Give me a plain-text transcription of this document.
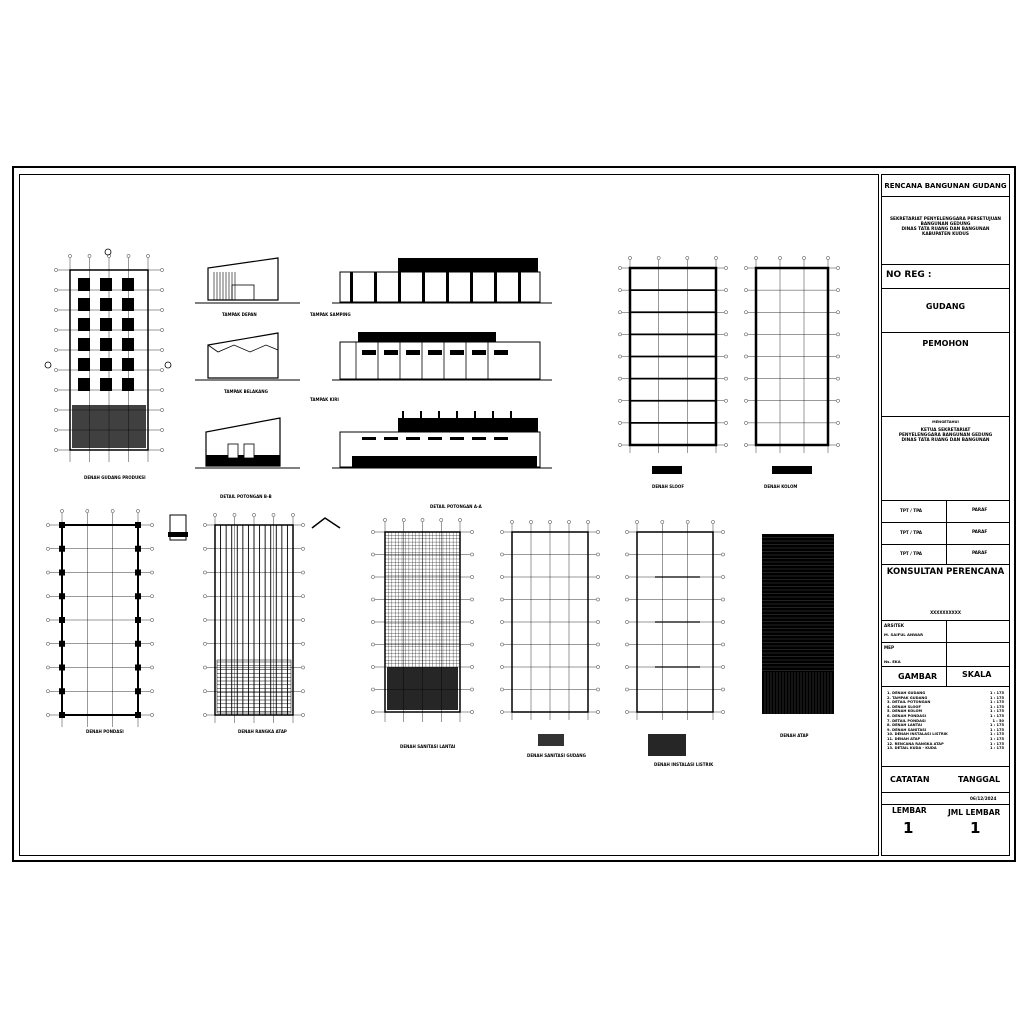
DENAH GUDANG PRODUKSI
TAMPAK DEPAN
TAMPAK BELAKANG
DETAIL POTONGAN B-B
TAMPAK SAMPING
TAMPAK KIRI
DETAIL POTONGAN A-A
DENAH SLOOF	DENAH KOLOM
DENAH PONDASI	DENAH RANGKA ATAP
DENAH SANITASI LANTAI
DENAH SANITASI GUDANG
DENAH INSTALASI LISTRIK
DENAH ATAP
RENCANA BANGUNAN GUDANG
SEKRETARIAT PENYELENGGARA PERSETUJUAN
BANGUNAN GEDUNG
DINAS TATA RUANG DAN BANGUNAN
KABUPATEN KUDUS
NO REG :
GUDANG
PEMOHON
MENGETAHUI
KETUA SEKRETARIAT
PENYELENGGARA BANGUNAN GEDUNG
DINAS TATA RUANG DAN BANGUNAN
TPT / TPA	PARAF
TPT / TPA	PARAF
TPT / TPA	PARAF
KONSULTAN PERENCANA
XXXXXXXXXX
ARSITEK
M. SAIFUL ANWAR
MEP
Ns. EKA
GAMBAR	SKALA
1. DENAH GUDANG	1 : 175
2. TAMPAK GUDANG	1 : 175
3. DETAIL POTONGAN	1 : 175
4. DENAH SLOOF	1 : 175
5. DENAH KOLOM	1 : 175
6. DENAH PONDASI	1 : 175
7. DETAIL PONDASI	1 : 50
8. DENAH LANTAI	1 : 175
9. DENAH SANITASI	1 : 175
10. DENAH INSTALASI LISTRIK	1 : 175
11. DENAH ATAP	1 : 175
12. RENCANA RANGKA ATAP	1 : 175
13. DETAIL KUDA - KUDA	1 : 175
CATATAN	TANGGAL
06/12/2024
LEMBAR
1
JML LEMBAR
1
